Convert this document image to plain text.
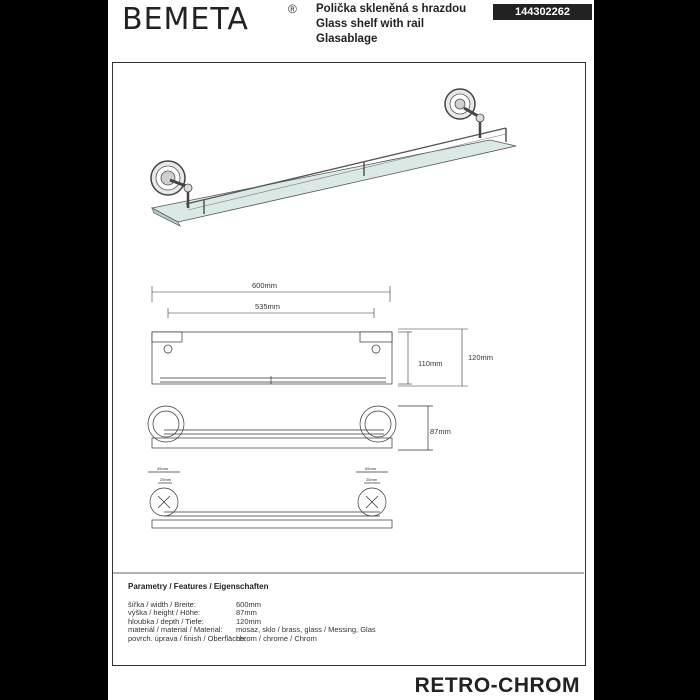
BEMETA	® Polička skleněná s hrazdou
Glass shelf with rail
Glasablage
144302262
600mm
535mm
110mm
120mm
87mm
45mm
25mm
65mm
25mm
Parametry / Features / Eigenschaften
šířka / width / Breite:	600mm
výška / height / Höhe:	87mm
hloubka / depth / Tiefe:	120mm
materiál / material / Material:	mosaz, sklo / brass, glass / Messing, Glas
povrch. úprava / finish / Oberfläche:
chrom / chrome / Chrom
RETRO-CHROM
